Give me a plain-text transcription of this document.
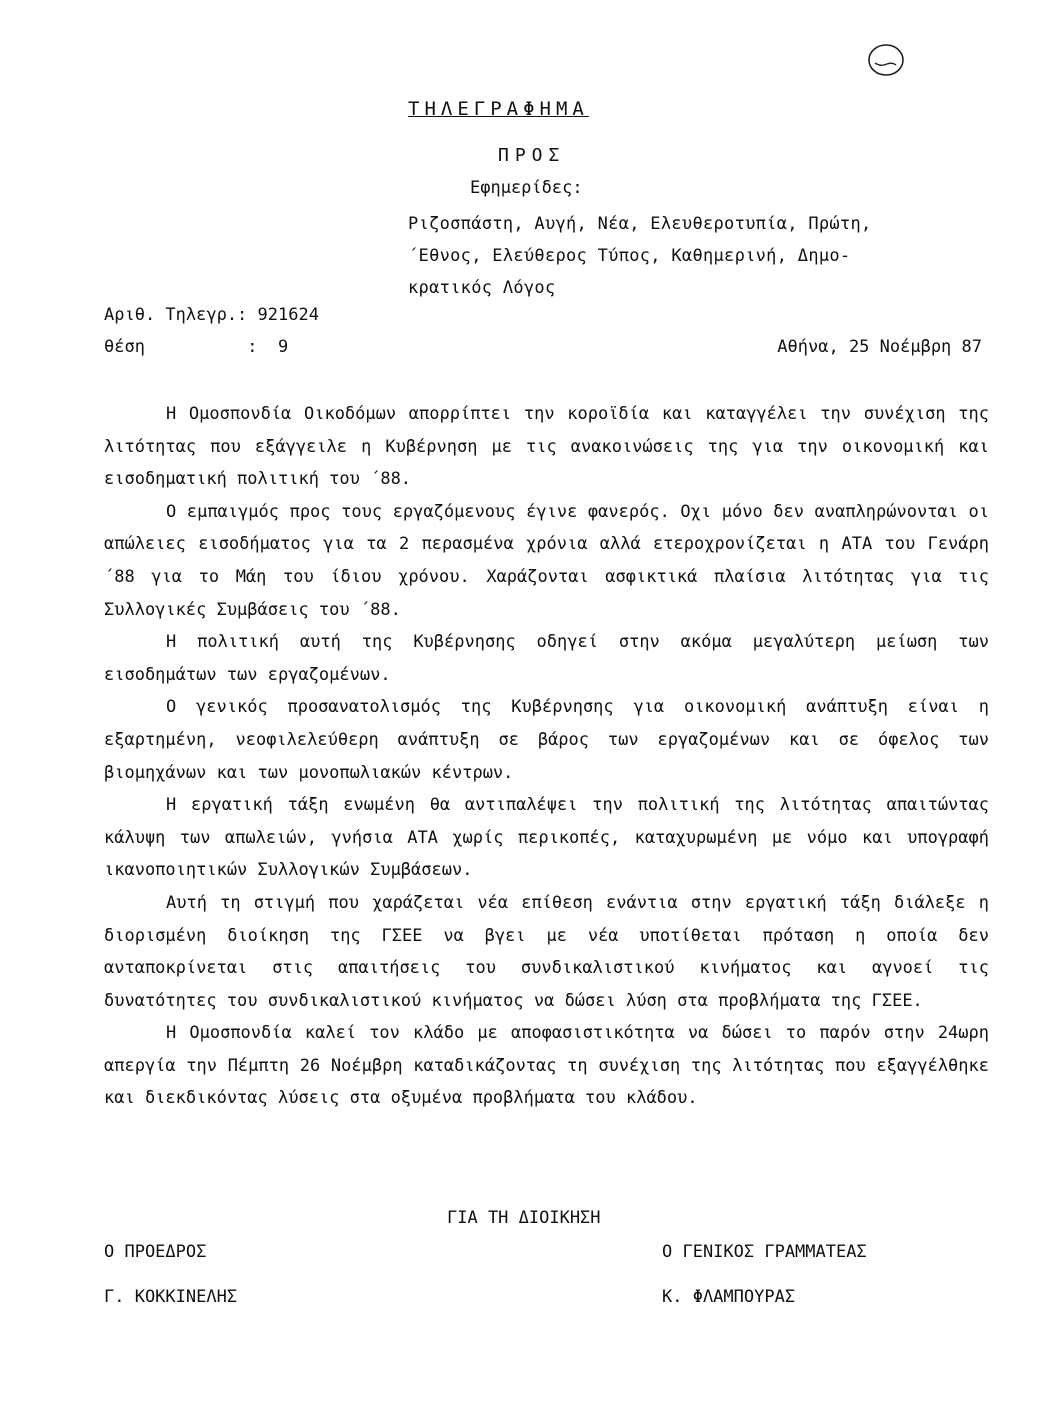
ΤΗΛΕΓΡΑΦΗΜΑ
ΠΡΟΣ
Εφημερίδες:
Ριζοσπάστη, Αυγή, Νέα, Ελευθεροτυπία, Πρώτη,
΄Εθνος, Ελεύθερος Τύπος, Καθημερινή, Δημο-
κρατικός Λόγος
Αριθ. Τηλεγρ.: 921624
θέση          :  9	Αθήνα, 25 Νοέμβρη 87

Η Ομοσπονδία Οικοδόμων απορρίπτει την κοροϊδία και καταγγέλει την συνέχιση της λιτότητας που εξάγγειλε η Κυβέρνηση με τις ανακοινώσεις της για την οικονομική και εισοδηματική πολιτική του ΄88.

Ο εμπαιγμός προς τους εργαζόμενους έγινε φανερός. Οχι μόνο δεν αναπληρώνονται οι απώλειες εισοδήματος για τα 2 περασμένα χρόνια αλλά ετεροχρονίζεται η ΑΤΑ του Γενάρη ΄88 για το Μάη του ίδιου χρόνου. Χαράζονται ασφικτικά πλαίσια λιτότητας για τις Συλλογικές Συμβάσεις του ΄88.

Η πολιτική αυτή της Κυβέρνησης οδηγεί στην ακόμα μεγαλύτερη μείωση των εισοδημάτων των εργαζομένων.

Ο γενικός προσανατολισμός της Κυβέρνησης για οικονομική ανάπτυξη είναι η εξαρτημένη, νεοφιλελεύθερη ανάπτυξη σε βάρος των εργαζομένων και σε όφελος των βιομηχάνων και των μονοπωλιακών κέντρων.

Η εργατική τάξη ενωμένη θα αντιπαλέψει την πολιτική της λιτότητας απαιτώντας κάλυψη των απωλειών, γνήσια ΑΤΑ χωρίς περικοπές, καταχυρωμένη με νόμο και υπογραφή ικανοποιητικών Συλλογικών Συμβάσεων.

Αυτή τη στιγμή που χαράζεται νέα επίθεση ενάντια στην εργατική τάξη διάλεξε η διορισμένη διοίκηση της ΓΣΕΕ να βγει με νέα υποτίθεται πρόταση η οποία δεν ανταποκρίνεται στις απαιτήσεις του συνδικαλιστικού κινήματος και αγνοεί τις δυνατότητες του συνδικαλιστικού κινήματος να δώσει λύση στα προβλήματα της ΓΣΕΕ.

Η Ομοσπονδία καλεί τον κλάδο με αποφασιστικότητα να δώσει το παρόν στην 24ωρη απεργία την Πέμπτη 26 Νοέμβρη καταδικάζοντας τη συνέχιση της λιτότητας που εξαγγέλθηκε και διεκδικόντας λύσεις στα οξυμένα προβλήματα του κλάδου.

ΓΙΑ ΤΗ ΔΙΟΙΚΗΣΗ
Ο ΠΡΟΕΔΡΟΣ
Γ. ΚΟΚΚΙΝΕΛΗΣ
Ο ΓΕΝΙΚΟΣ ΓΡΑΜΜΑΤΕΑΣ
Κ. ΦΛΑΜΠΟΥΡΑΣ
